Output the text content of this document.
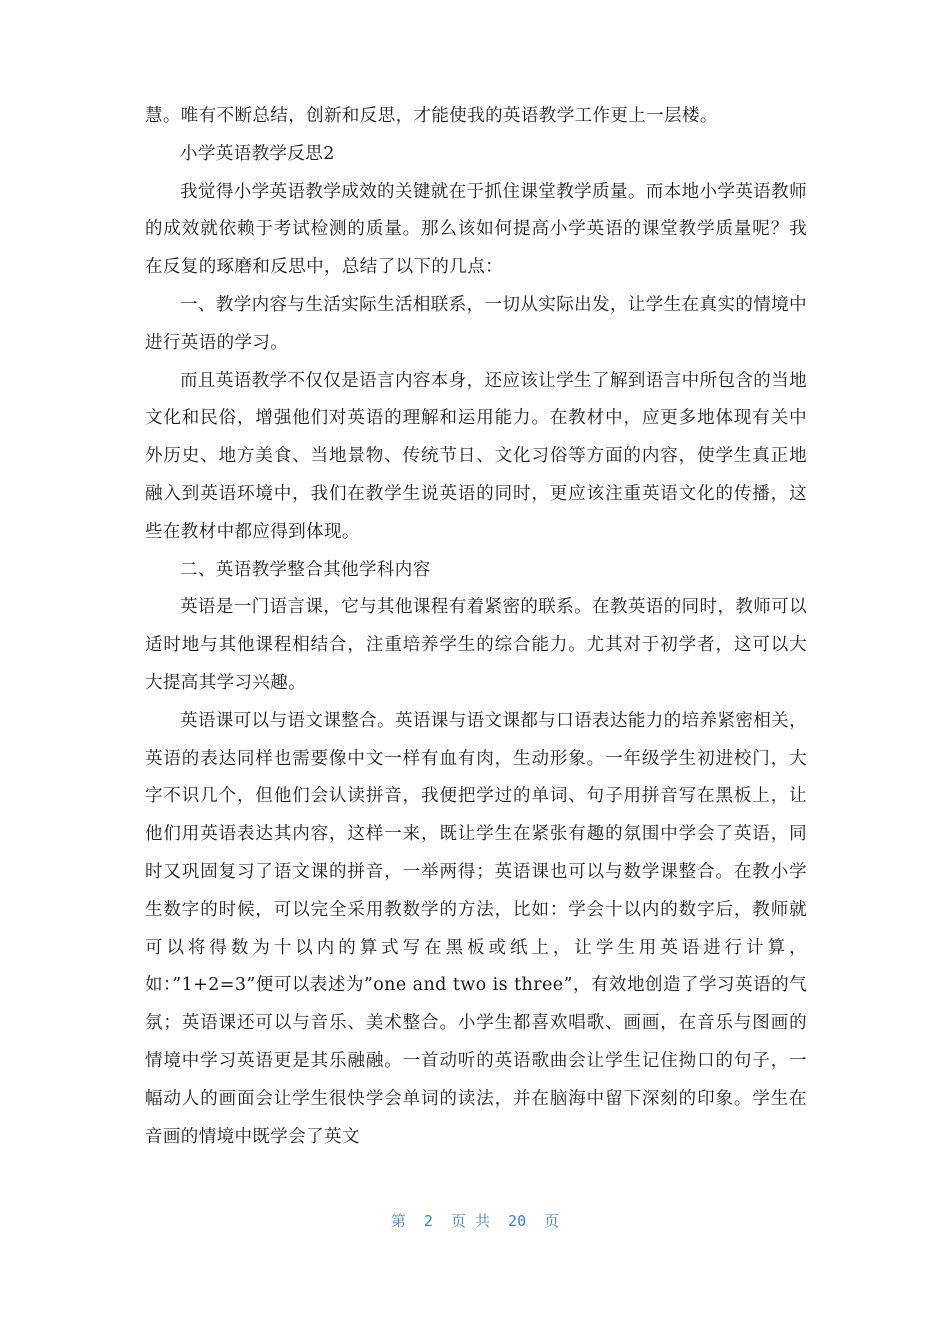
慧。唯有不断总结，创新和反思，才能使我的英语教学工作更上一层楼。

小学英语教学反思2

我觉得小学英语教学成效的关键就在于抓住课堂教学质量。而本地小学英语教师的成效就依赖于考试检测的质量。那么该如何提高小学英语的课堂教学质量呢？我在反复的琢磨和反思中，总结了以下的几点：

一、教学内容与生活实际生活相联系，一切从实际出发，让学生在真实的情境中进行英语的学习。

而且英语教学不仅仅是语言内容本身，还应该让学生了解到语言中所包含的当地文化和民俗，增强他们对英语的理解和运用能力。在教材中，应更多地体现有关中外历史、地方美食、当地景物、传统节日、文化习俗等方面的内容，使学生真正地融入到英语环境中，我们在教学生说英语的同时，更应该注重英语文化的传播，这些在教材中都应得到体现。

二、英语教学整合其他学科内容

英语是一门语言课，它与其他课程有着紧密的联系。在教英语的同时，教师可以适时地与其他课程相结合，注重培养学生的综合能力。尤其对于初学者，这可以大大提高其学习兴趣。

英语课可以与语文课整合。英语课与语文课都与口语表达能力的培养紧密相关，英语的表达同样也需要像中文一样有血有肉，生动形象。一年级学生初进校门，大字不识几个，但他们会认读拼音，我便把学过的单词、句子用拼音写在黑板上，让他们用英语表达其内容，这样一来，既让学生在紧张有趣的氛围中学会了英语，同时又巩固复习了语文课的拼音，一举两得；英语课也可以与数学课整合。在教小学生数字的时候，可以完全采用教数学的方法，比如：学会十以内的数字后，教师就可以将得数为十以内的算式写在黑板或纸上，让学生用英语进行计算，如：”1+2=3”便可以表述为”one and two is three”，有效地创造了学习英语的气氛；英语课还可以与音乐、美术整合。小学生都喜欢唱歌、画画，在音乐与图画的情境中学习英语更是其乐融融。一首动听的英语歌曲会让学生记住拗口的句子，一幅动人的画面会让学生很快学会单词的读法，并在脑海中留下深刻的印象。学生在音画的情境中既学会了英文

第  2  页 共  20  页
